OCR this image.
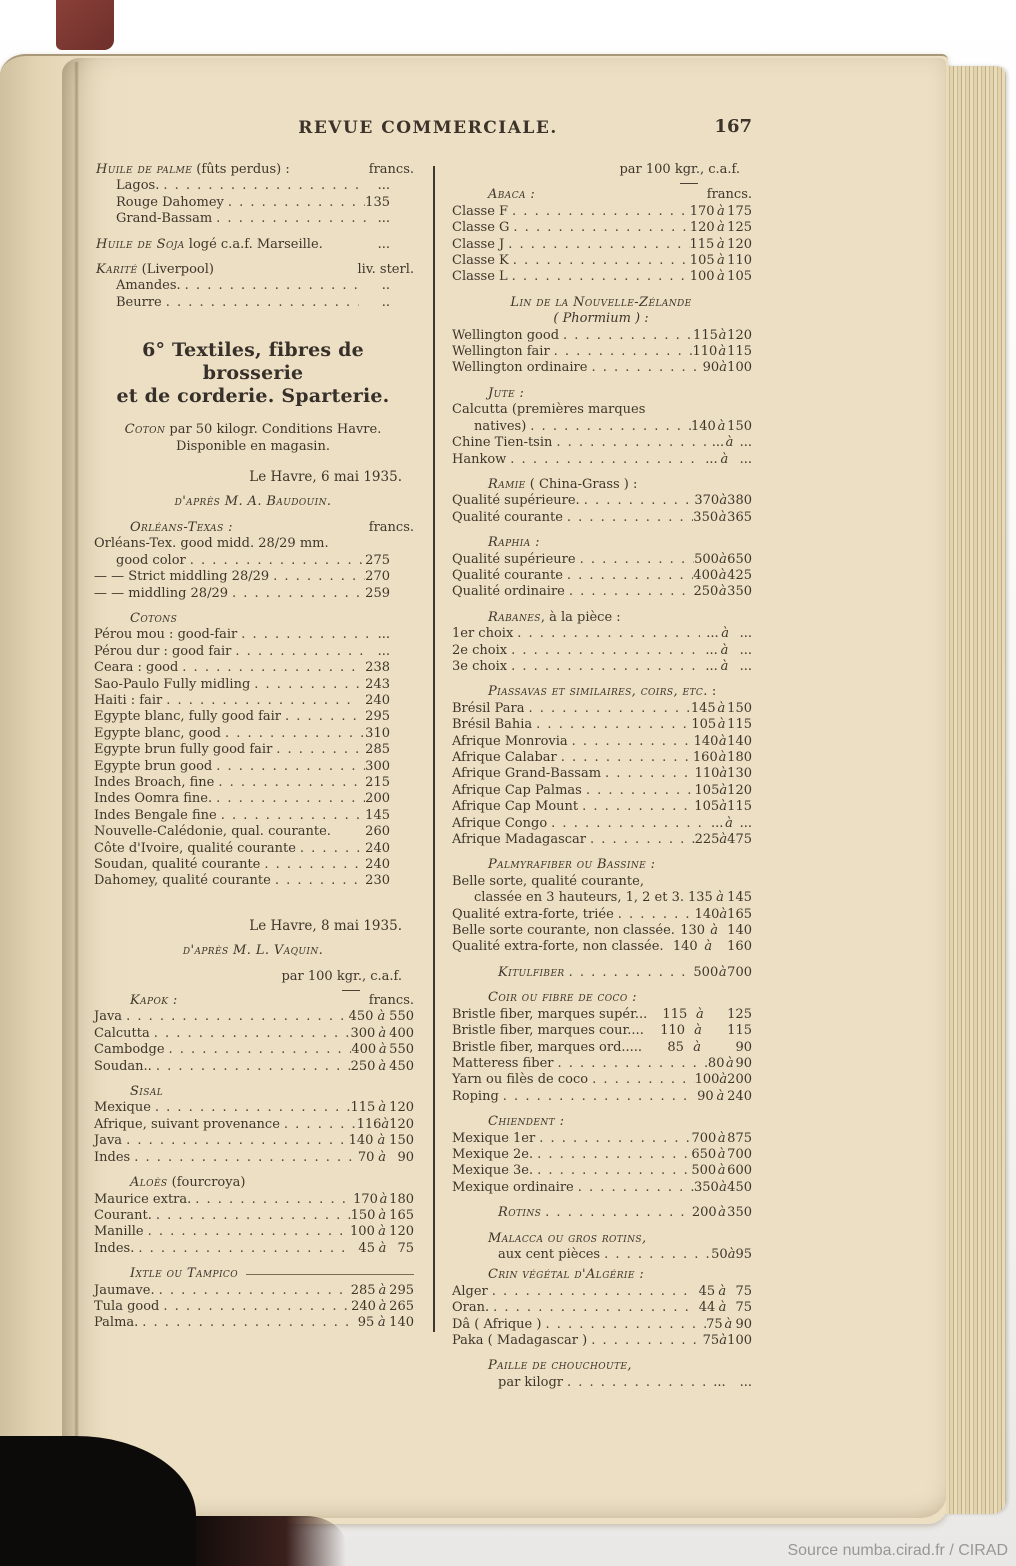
REVUE COMMERCIALE.	167
Huile de palme (fûts perdus) :	francs.
Lagos. . . .	...
Rouge Dahomey . . .	135
Grand-Bassam . . .	...
Huile de Soja logé c.a.f. Marseille.	...
Karité (Liverpool)	liv. sterl.
Amandes. . . .	..
Beurre . . .	..
6° Textiles, fibres de brosserie
et de corderie. Sparterie.
Coton par 50 kilogr. Conditions Havre.
Disponible en magasin.
Le Havre, 6 mai 1935.
d'après M. A. Baudouin.
Orléans-Texas :	francs.
Orléans-Tex. good midd. 28/29 mm.
good color . . .	275
— — Strict middling 28/29 . . .	270
— — middling 28/29 . . .	259
Cotons
Pérou mou : good-fair . . .	...
Pérou dur : good fair . . .	...
Ceara : good . . .	238
Sao-Paulo Fully midling . . .	243
Haiti : fair . . .	240
Egypte blanc, fully good fair . . .	295
Egypte blanc, good . . .	310
Egypte brun fully good fair . . .	285
Egypte brun good . . .	300
Indes Broach, fine . . .	215
Indes Oomra fine. . . .	200
Indes Bengale fine . . .	145
Nouvelle-Calédonie, qual. courante.	260
Côte d'Ivoire, qualité courante . . .	240
Soudan, qualité courante . . .	240
Dahomey, qualité courante . . .	230
Le Havre, 8 mai 1935.
d'après M. L. Vaquin.
par 100 kgr., c.a.f.
Kapok :	francs.
Java . . .	450 à 550
Calcutta . . .	300 à 400
Cambodge . . .	400 à 550
Soudan.. . . .	250 à 450
Sisal
Mexique . . .	115 à 120
Afrique, suivant provenance . . .	116 à 120
Java . . .	140 à 150
Indes . . .	70 à 90
Aloès (fourcroya)
Maurice extra. . . .	170 à 180
Courant. . . .	150 à 165
Manille . . .	100 à 120
Indes. . . .	45 à 75
Ixtle ou Tampico
Jaumave. . . .	285 à 295
Tula good . . .	240 à 265
Palma. . . .	95 à 140
par 100 kgr., c.a.f.
Abaca :	francs.
Classe F . . .	170 à 175
Classe G . . .	120 à 125
Classe J . . .	115 à 120
Classe K . . .	105 à 110
Classe L . . .	100 à 105
Lin de la Nouvelle-Zélande
( Phormium ) :
Wellington good . . .	115 à 120
Wellington fair . . .	110 à 115
Wellington ordinaire . . .	90 à 100
Jute :
Calcutta (premières marques
natives) . . .	140 à 150
Chine Tien-tsin . . .	... à ...
Hankow . . .	... à ...
Ramie ( China-Grass ) :
Qualité supérieure. . . .	370 à 380
Qualité courante . . .	350 à 365
Raphia :
Qualité supérieure . . .	500 à 650
Qualité courante . . .	400 à 425
Qualité ordinaire . . .	250 à 350
Rabanes, à la pièce :
1er choix . . .	... à ...
2e choix . . .	... à ...
3e choix . . .	... à ...
Piassavas et similaires, coirs, etc. :
Brésil Para . . .	145 à 150
Brésil Bahia . . .	105 à 115
Afrique Monrovia . . .	140 à 140
Afrique Calabar . . .	160 à 180
Afrique Grand-Bassam . . .	110 à 130
Afrique Cap Palmas . . .	105 à 120
Afrique Cap Mount . . .	105 à 115
Afrique Congo . . .	... à ...
Afrique Madagascar . . .	225 à 475
Palmyrafiber ou Bassine :
Belle sorte, qualité courante,
classée en 3 hauteurs, 1, 2 et 3. 135 à 145
Qualité extra-forte, triée . . .	140 à 165
Belle sorte courante, non classée. 130 à 140
Qualité extra-forte, non classée. 140 à	160
Kitulfiber . . .	500 à 700
Coir ou fibre de coco :
Bristle fiber, marques supér...	115 à	125
Bristle fiber, marques cour....	110 à	115
Bristle fiber, marques ord.....	85 à	90
Matteress fiber . . .	80 à 90
Yarn ou filès de coco . . .	100 à 200
Roping . . .	90 à 240
Chiendent :
Mexique 1er . . .	700 à 875
Mexique 2e. . . .	650 à 700
Mexique 3e. . . .	500 à 600
Mexique ordinaire . . .	350 à 450
Rotins . . .	200 à 350
Malacca ou gros rotins,
aux cent pièces . . .	50 à 95
Crin végétal d'Algérie :
Alger . . .	45 à 75
Oran. . . .	44 à 75
Dâ ( Afrique ) . . .	75 à 90
Paka ( Madagascar ) . . .	75 à 100
Paille de chouchoute,
par kilogr . . .	... ...
Source numba.cirad.fr / CIRAD
